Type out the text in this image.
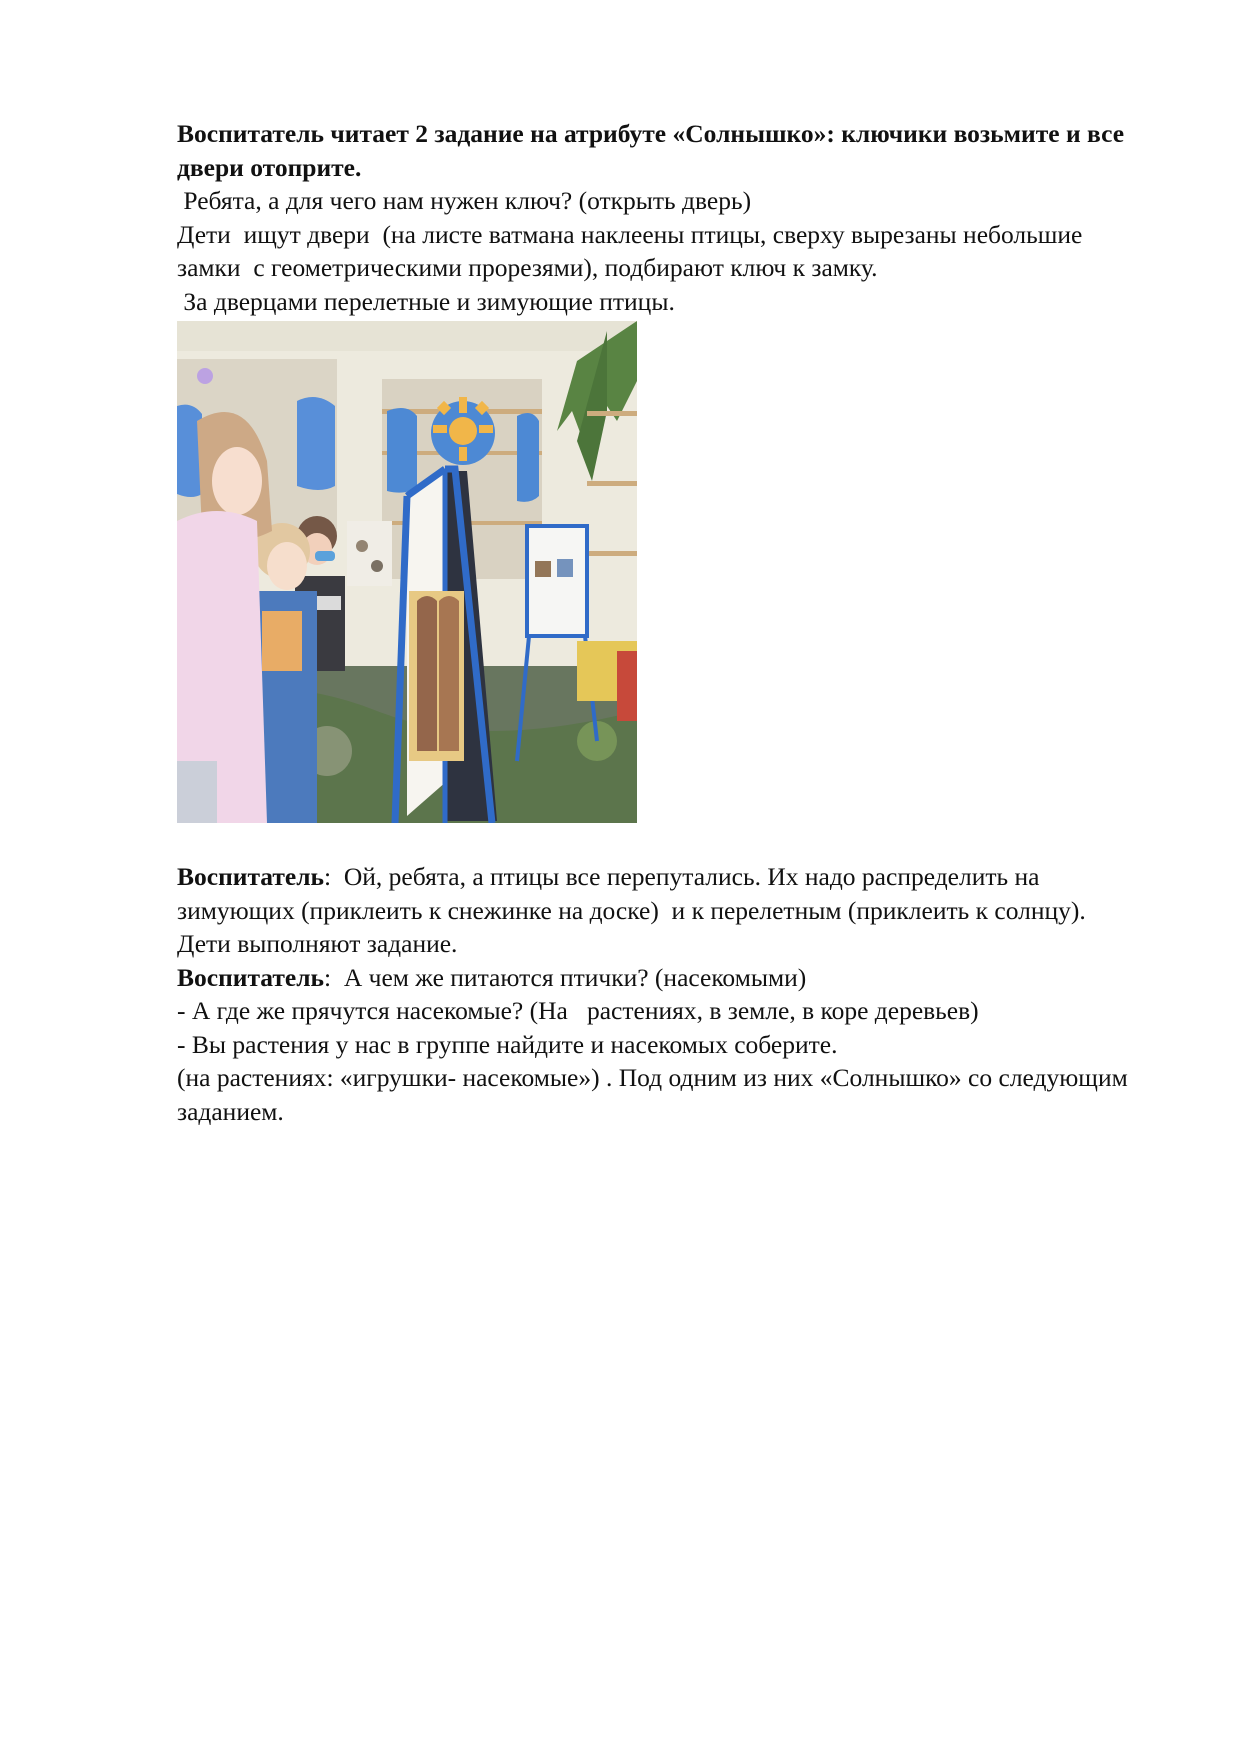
Воспитатель читает 2 задание на атрибуте «Солнышко»: ключики возьмите и все двери отоприте.

Ребята, а для чего нам нужен ключ? (открыть дверь)

Дети  ищут двери  (на листе ватмана наклеены птицы, сверху вырезаны небольшие замки  с геометрическими прорезями), подбирают ключ к замку.

За дверцами перелетные и зимующие птицы.

Воспитатель:  Ой, ребята, а птицы все перепутались. Их надо распределить на зимующих (приклеить к снежинке на доске)  и к перелетным (приклеить к солнцу).  Дети выполняют задание.

Воспитатель:  А чем же питаются птички? (насекомыми)

- А где же прячутся насекомые? (На   растениях, в земле, в коре деревьев)

- Вы растения у нас в группе найдите и насекомых соберите.

(на растениях: «игрушки- насекомые») . Под одним из них «Солнышко» со следующим заданием.
